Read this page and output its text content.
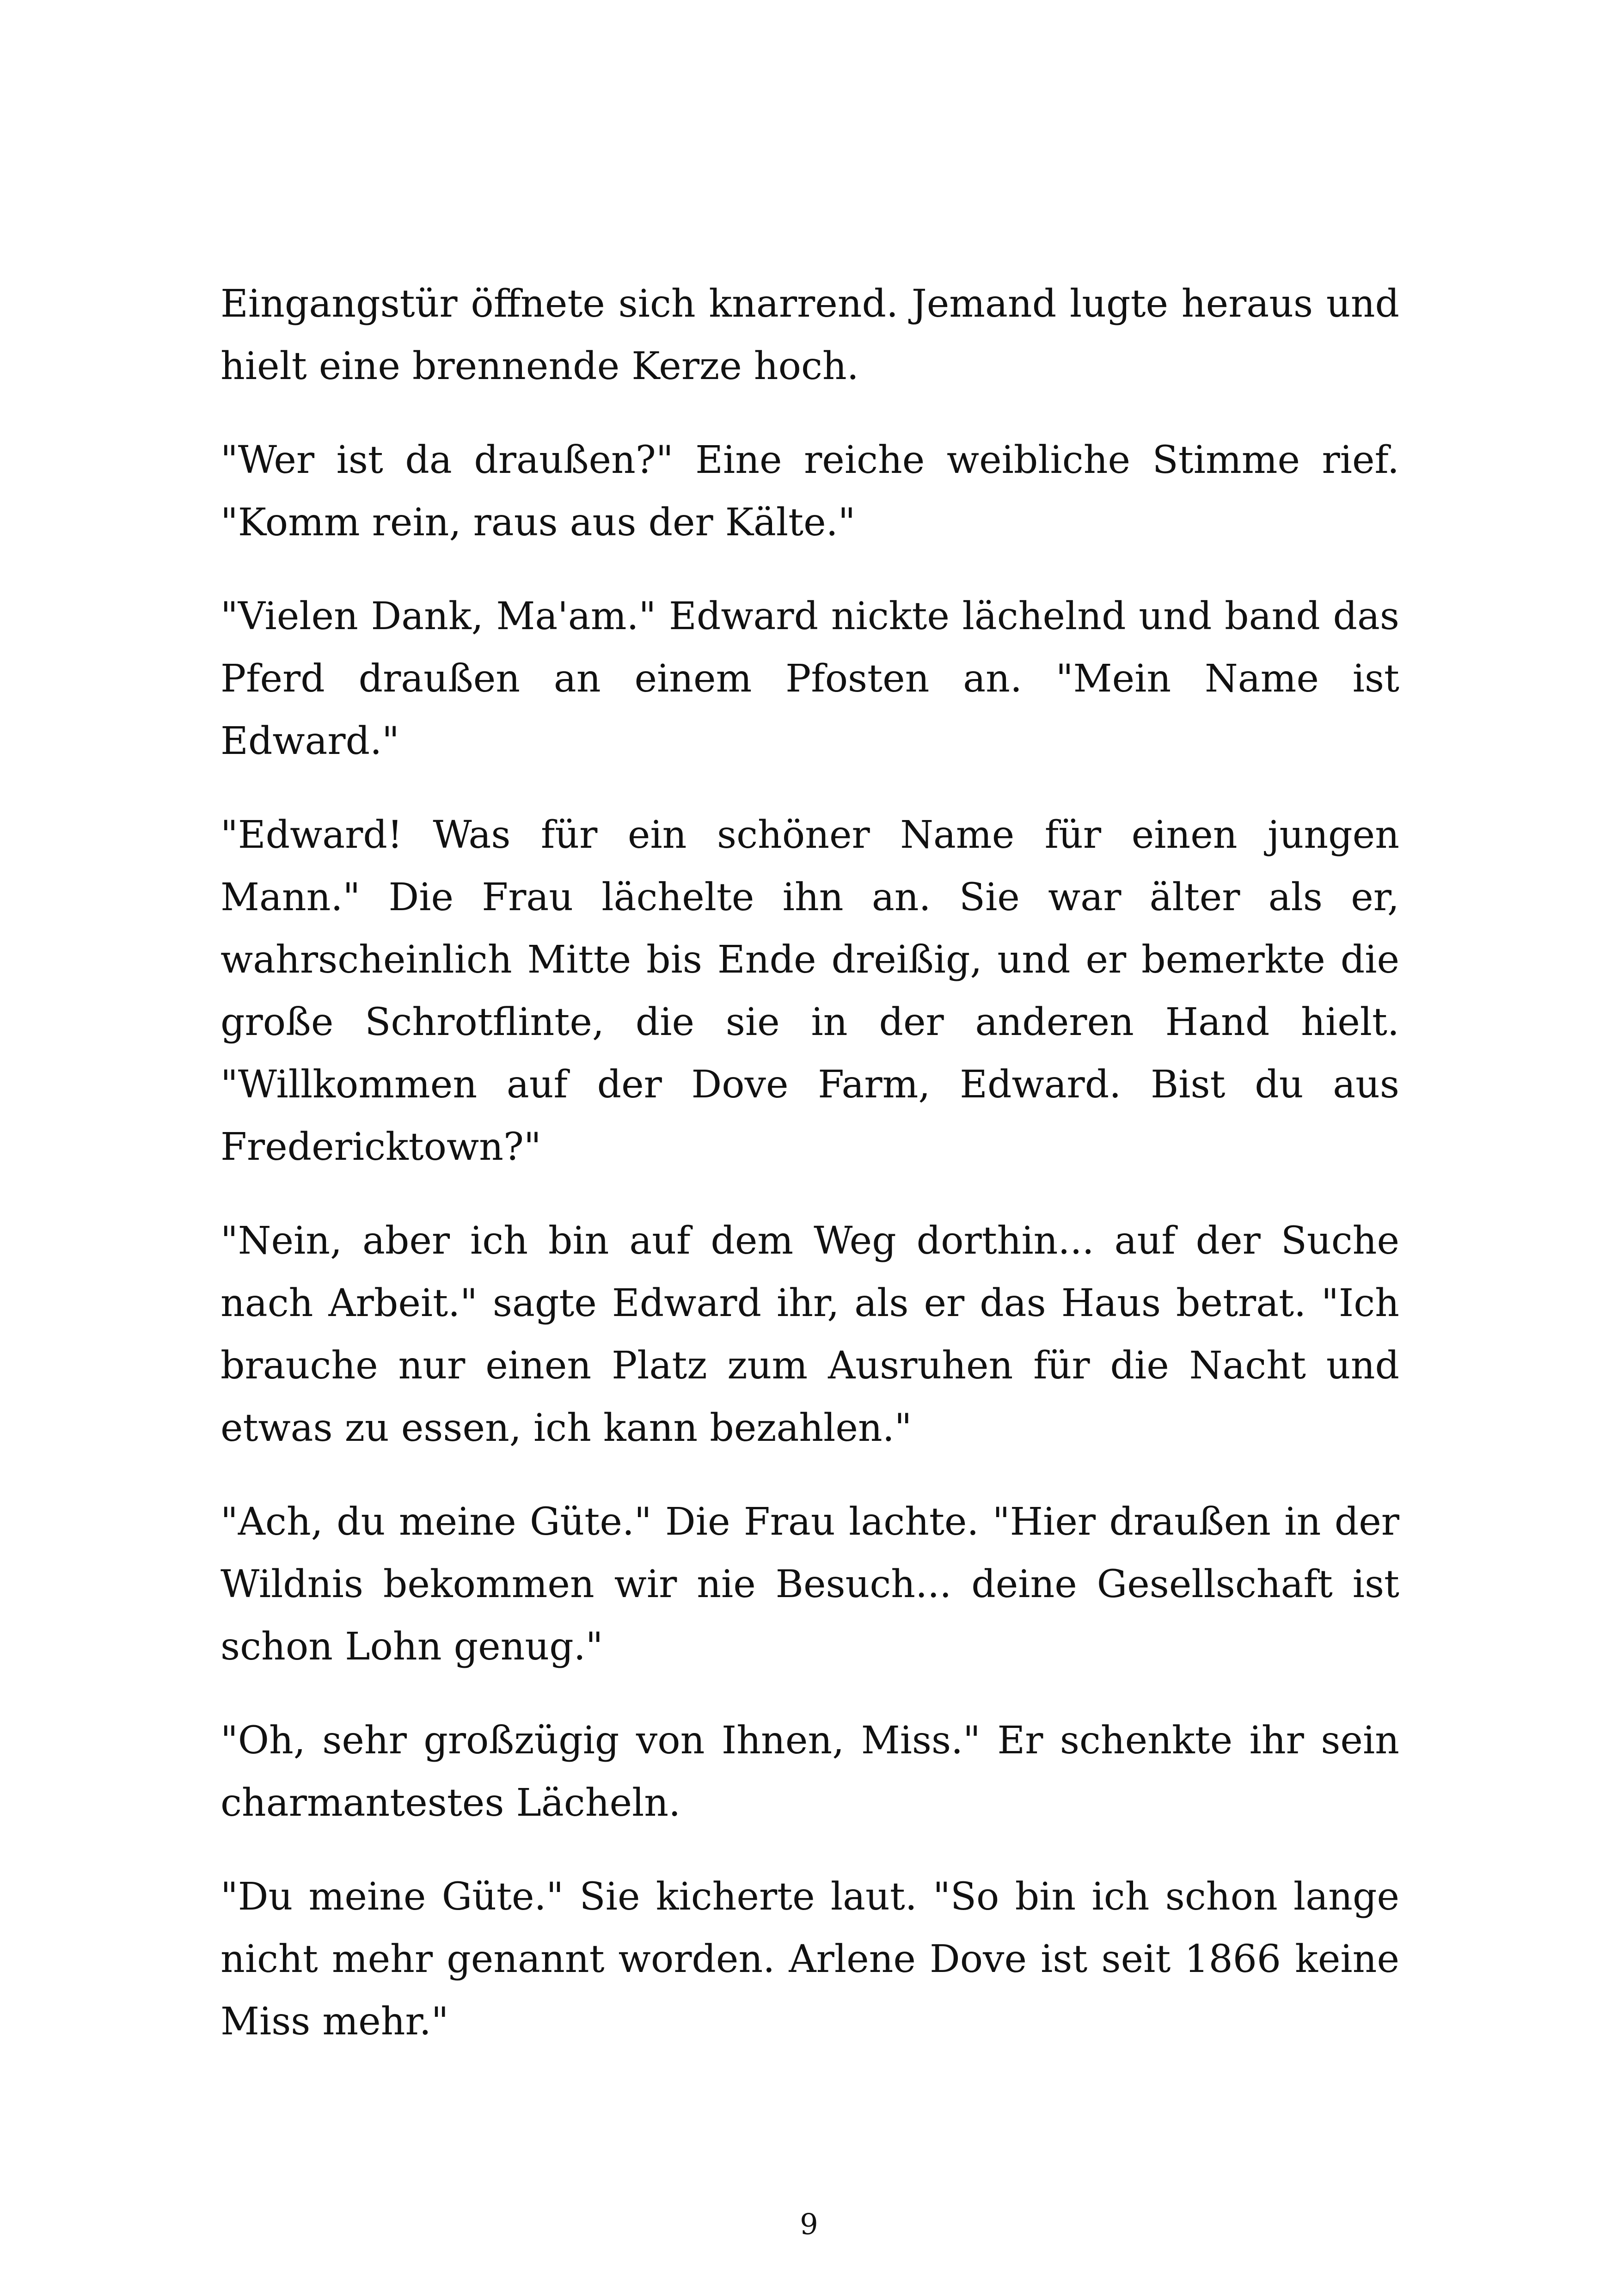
Eingangstür öffnete sich knarrend. Jemand lugte heraus und hielt eine brennende Kerze hoch.

"Wer ist da draußen?" Eine reiche weibliche Stimme rief. "Komm rein, raus aus der Kälte."

"Vielen Dank, Ma'am." Edward nickte lächelnd und band das Pferd draußen an einem Pfosten an. "Mein Name ist Edward."

"Edward! Was für ein schöner Name für einen jungen Mann." Die Frau lächelte ihn an. Sie war älter als er, wahrscheinlich Mitte bis Ende dreißig, und er bemerkte die große Schrotflinte, die sie in der anderen Hand hielt. "Willkommen auf der Dove Farm, Edward. Bist du aus Fredericktown?"

"Nein, aber ich bin auf dem Weg dorthin... auf der Suche nach Arbeit." sagte Edward ihr, als er das Haus betrat. "Ich brauche nur einen Platz zum Ausruhen für die Nacht und etwas zu essen, ich kann bezahlen."

"Ach, du meine Güte." Die Frau lachte. "Hier draußen in der Wildnis bekommen wir nie Besuch... deine Gesellschaft ist schon Lohn genug."

"Oh, sehr großzügig von Ihnen, Miss." Er schenkte ihr sein charmantestes Lächeln.

"Du meine Güte." Sie kicherte laut. "So bin ich schon lange nicht mehr genannt worden. Arlene Dove ist seit 1866 keine Miss mehr."

9
